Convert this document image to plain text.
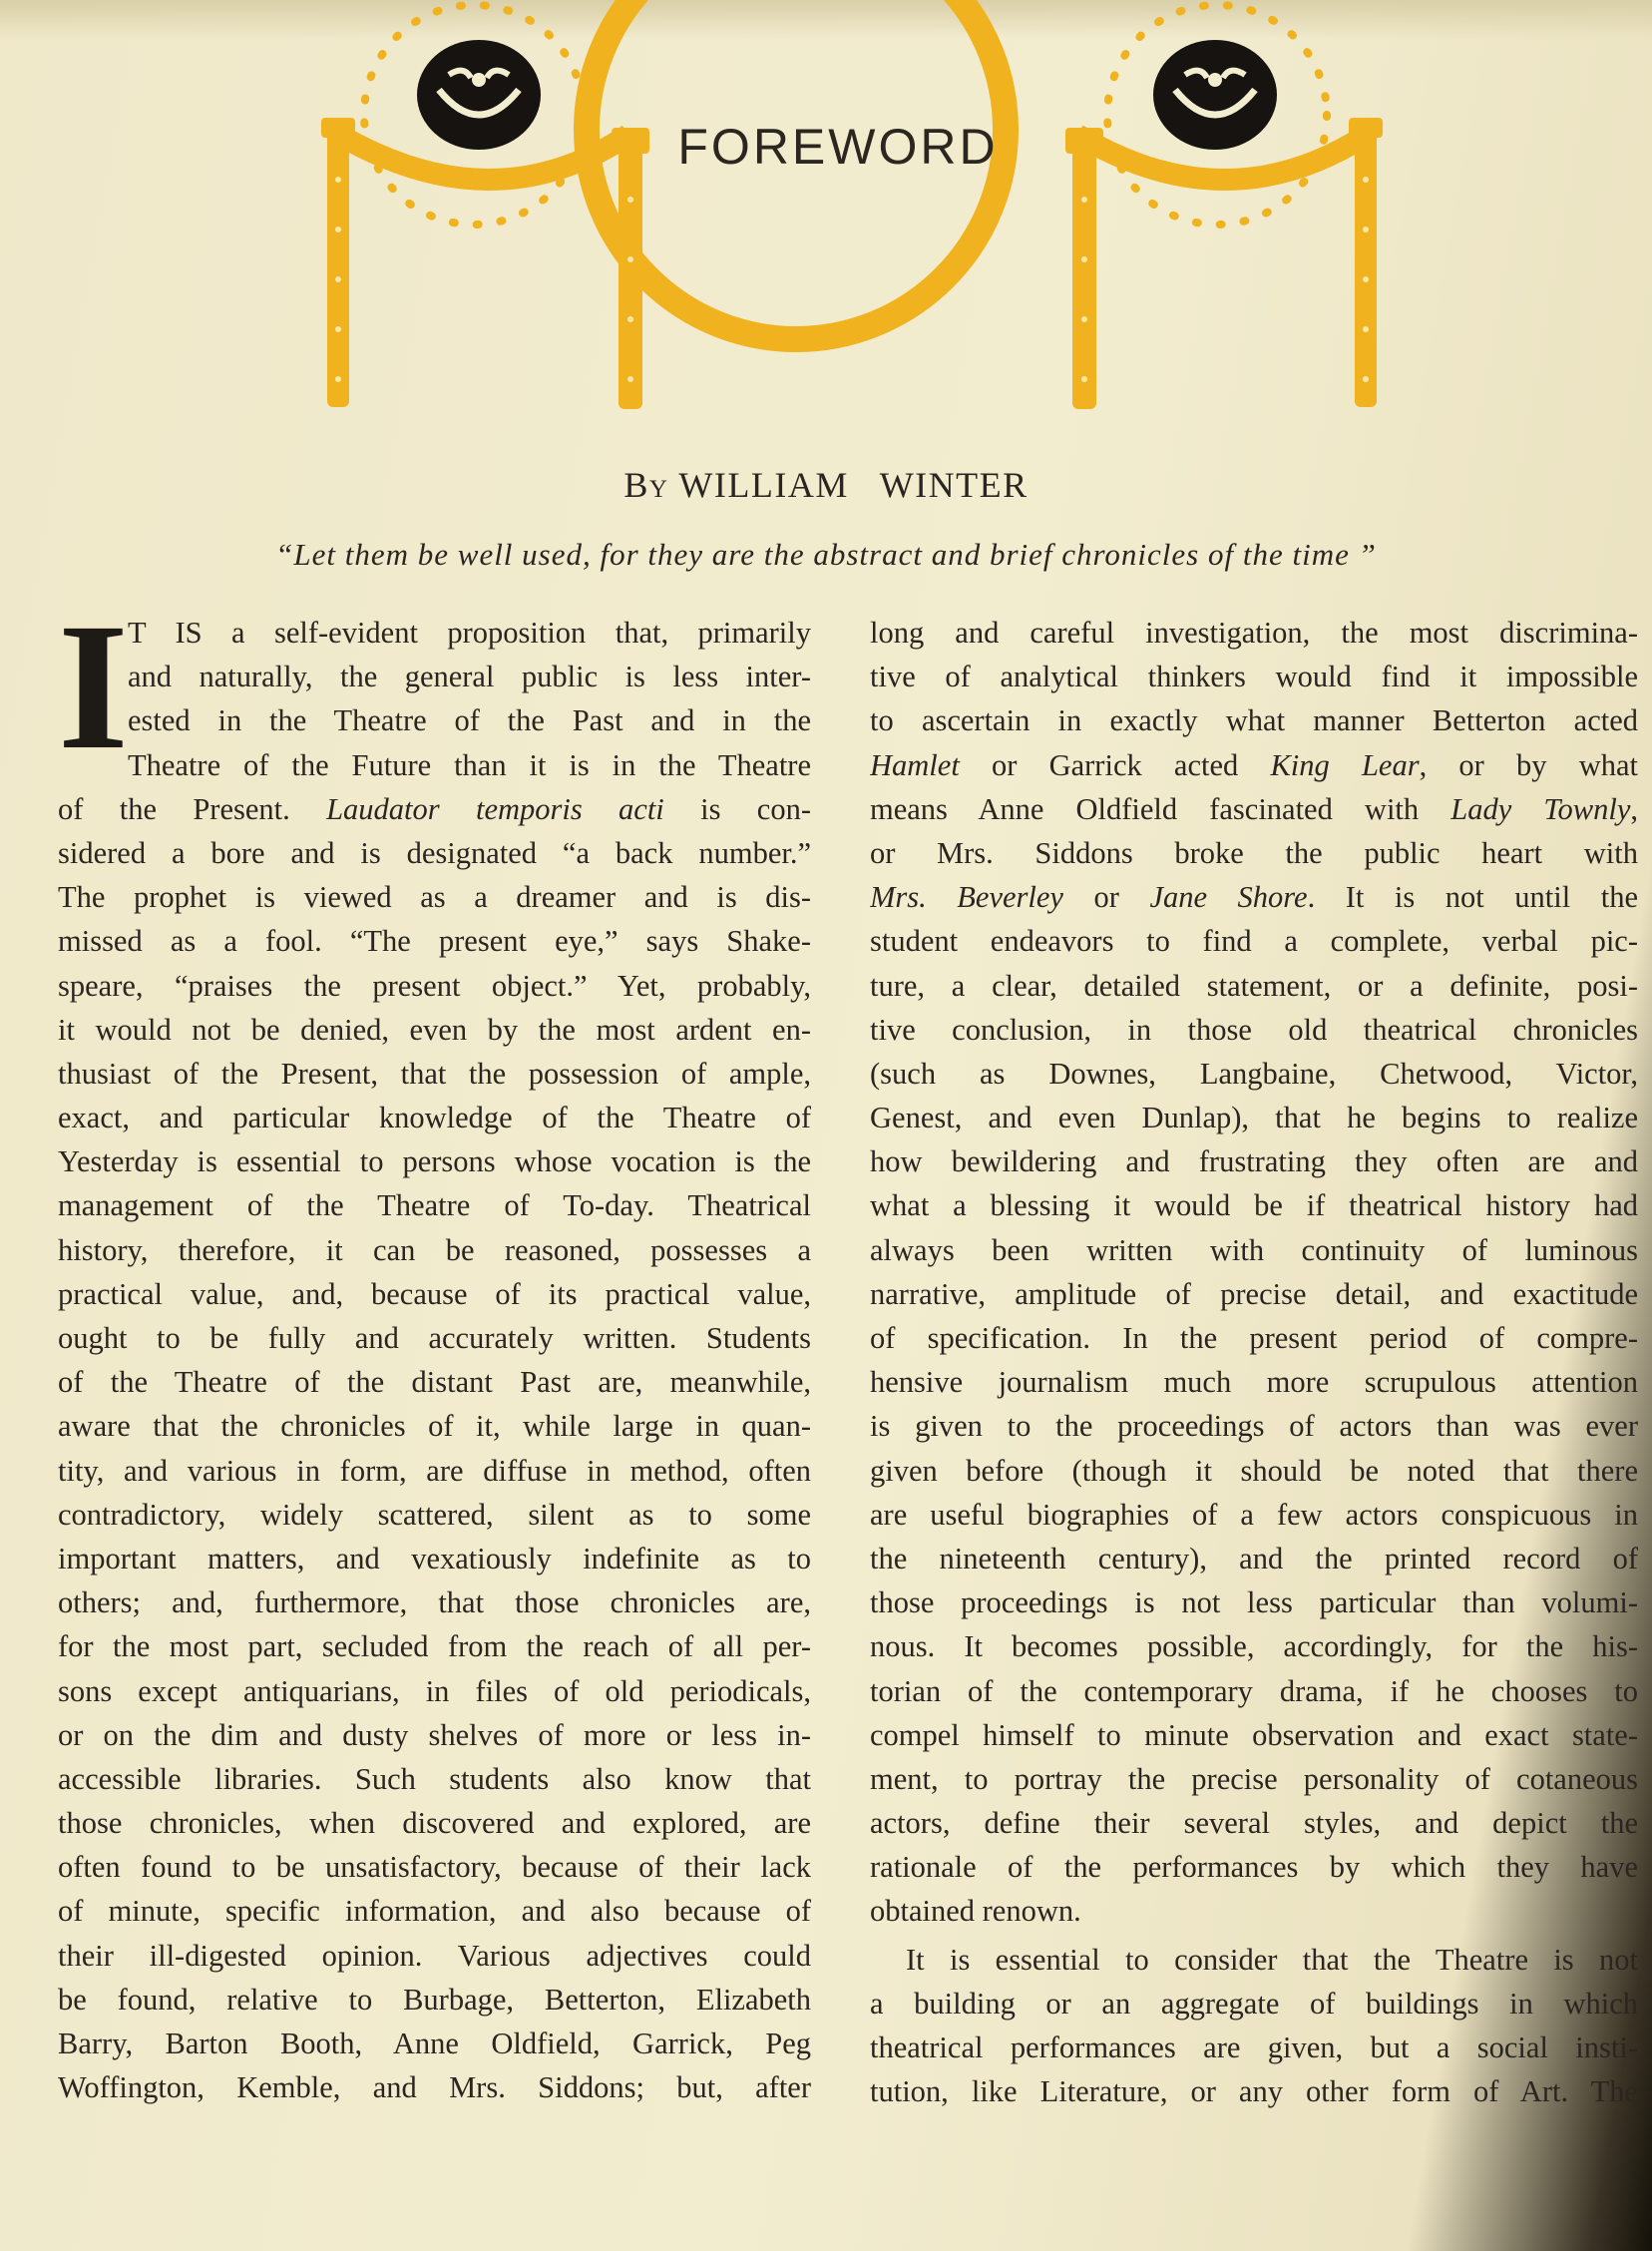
FOREWORD
By WILLIAM   WINTER
“Let them be well used, for they are the abstract and brief chronicles of the time ”
I T IS a self-evident proposition that, primarily
and naturally, the general public is less inter-
ested in the Theatre of the Past and in the
Theatre of the Future than it is in the Theatre
of the Present. Laudator temporis acti is con-
sidered a bore and is designated “a back number.”
The prophet is viewed as a dreamer and is dis-
missed as a fool. “The present eye,” says Shake-
speare, “praises the present object.” Yet, probably,
it would not be denied, even by the most ardent en-
thusiast of the Present, that the possession of ample,
exact, and particular knowledge of the Theatre of
Yesterday is essential to persons whose vocation is the
management of the Theatre of To-day. Theatrical
history, therefore, it can be reasoned, possesses a
practical value, and, because of its practical value,
ought to be fully and accurately written. Students
of the Theatre of the distant Past are, meanwhile,
aware that the chronicles of it, while large in quan-
tity, and various in form, are diffuse in method, often
contradictory, widely scattered, silent as to some
important matters, and vexatiously indefinite as to
others; and, furthermore, that those chronicles are,
for the most part, secluded from the reach of all per-
sons except antiquarians, in files of old periodicals,
or on the dim and dusty shelves of more or less in-
accessible libraries. Such students also know that
those chronicles, when discovered and explored, are
often found to be unsatisfactory, because of their lack
of minute, specific information, and also because of
their ill-digested opinion. Various adjectives could
be found, relative to Burbage, Betterton, Elizabeth
Barry, Barton Booth, Anne Oldfield, Garrick, Peg
Woffington, Kemble, and Mrs. Siddons; but, after
long and careful investigation, the most discrimina-
tive of analytical thinkers would find it impossible
to ascertain in exactly what manner Betterton acted
Hamlet or Garrick acted King Lear, or by what
means Anne Oldfield fascinated with Lady Townly,
or Mrs. Siddons broke the public heart with
Mrs. Beverley or Jane Shore. It is not until the
student endeavors to find a complete, verbal pic-
ture, a clear, detailed statement, or a definite, posi-
tive conclusion, in those old theatrical chronicles
(such as Downes, Langbaine, Chetwood, Victor,
Genest, and even Dunlap), that he begins to realize
how bewildering and frustrating they often are and
what a blessing it would be if theatrical history had
always been written with continuity of luminous
narrative, amplitude of precise detail, and exactitude
of specification. In the present period of compre-
hensive journalism much more scrupulous attention
is given to the proceedings of actors than was ever
given before (though it should be noted that there
are useful biographies of a few actors conspicuous in
the nineteenth century), and the printed record of
those proceedings is not less particular than volumi-
nous. It becomes possible, accordingly, for the his-
torian of the contemporary drama, if he chooses to
compel himself to minute observation and exact state-
ment, to portray the precise personality of cotaneous
actors, define their several styles, and depict the
rationale of the performances by which they have
obtained renown.
It is essential to consider that the Theatre is not
a building or an aggregate of buildings in which
theatrical performances are given, but a social insti-
tution, like Literature, or any other form of Art. The
